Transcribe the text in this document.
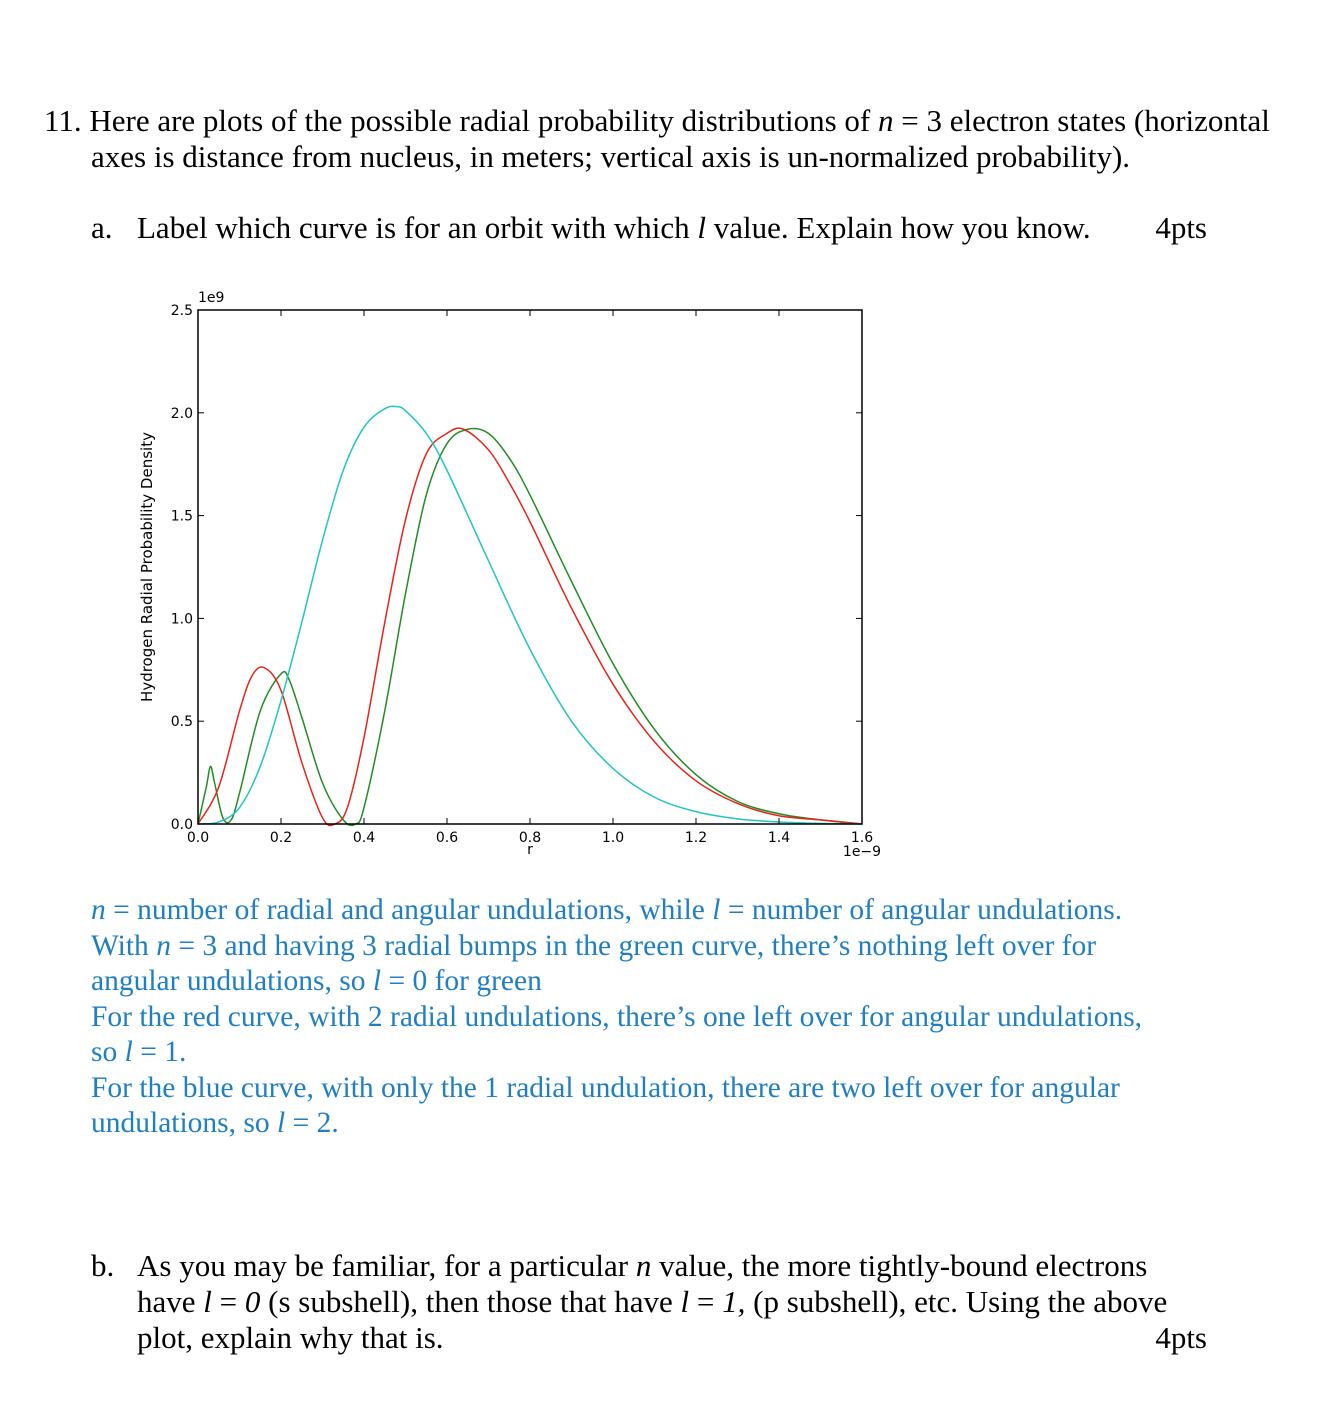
11. Here are plots of the possible radial probability distributions of n = 3 electron states (horizontal
axes is distance from nucleus, in meters; vertical axis is un-normalized probability).
a. Label which curve is for an orbit with which l value. Explain how you know. 4pts
0.0	0.2	0.4	0.6	0.8	1.0	1.2	1.4	1.6
0.0
0.5
1.0
1.5
2.0
2.5
1e9
1e−9
r
Hydrogen Radial Probability Density
n = number of radial and angular undulations, while l = number of angular undulations.
With n = 3 and having 3 radial bumps in the green curve, there’s nothing left over for
angular undulations, so l = 0 for green
For the red curve, with 2 radial undulations, there’s one left over for angular undulations,
so l = 1.
For the blue curve, with only the 1 radial undulation, there are two left over for angular
undulations, so l = 2.
b. As you may be familiar, for a particular n value, the more tightly-bound electrons
have l = 0 (s subshell), then those that have l = 1, (p subshell), etc. Using the above
plot, explain why that is.	4pts
